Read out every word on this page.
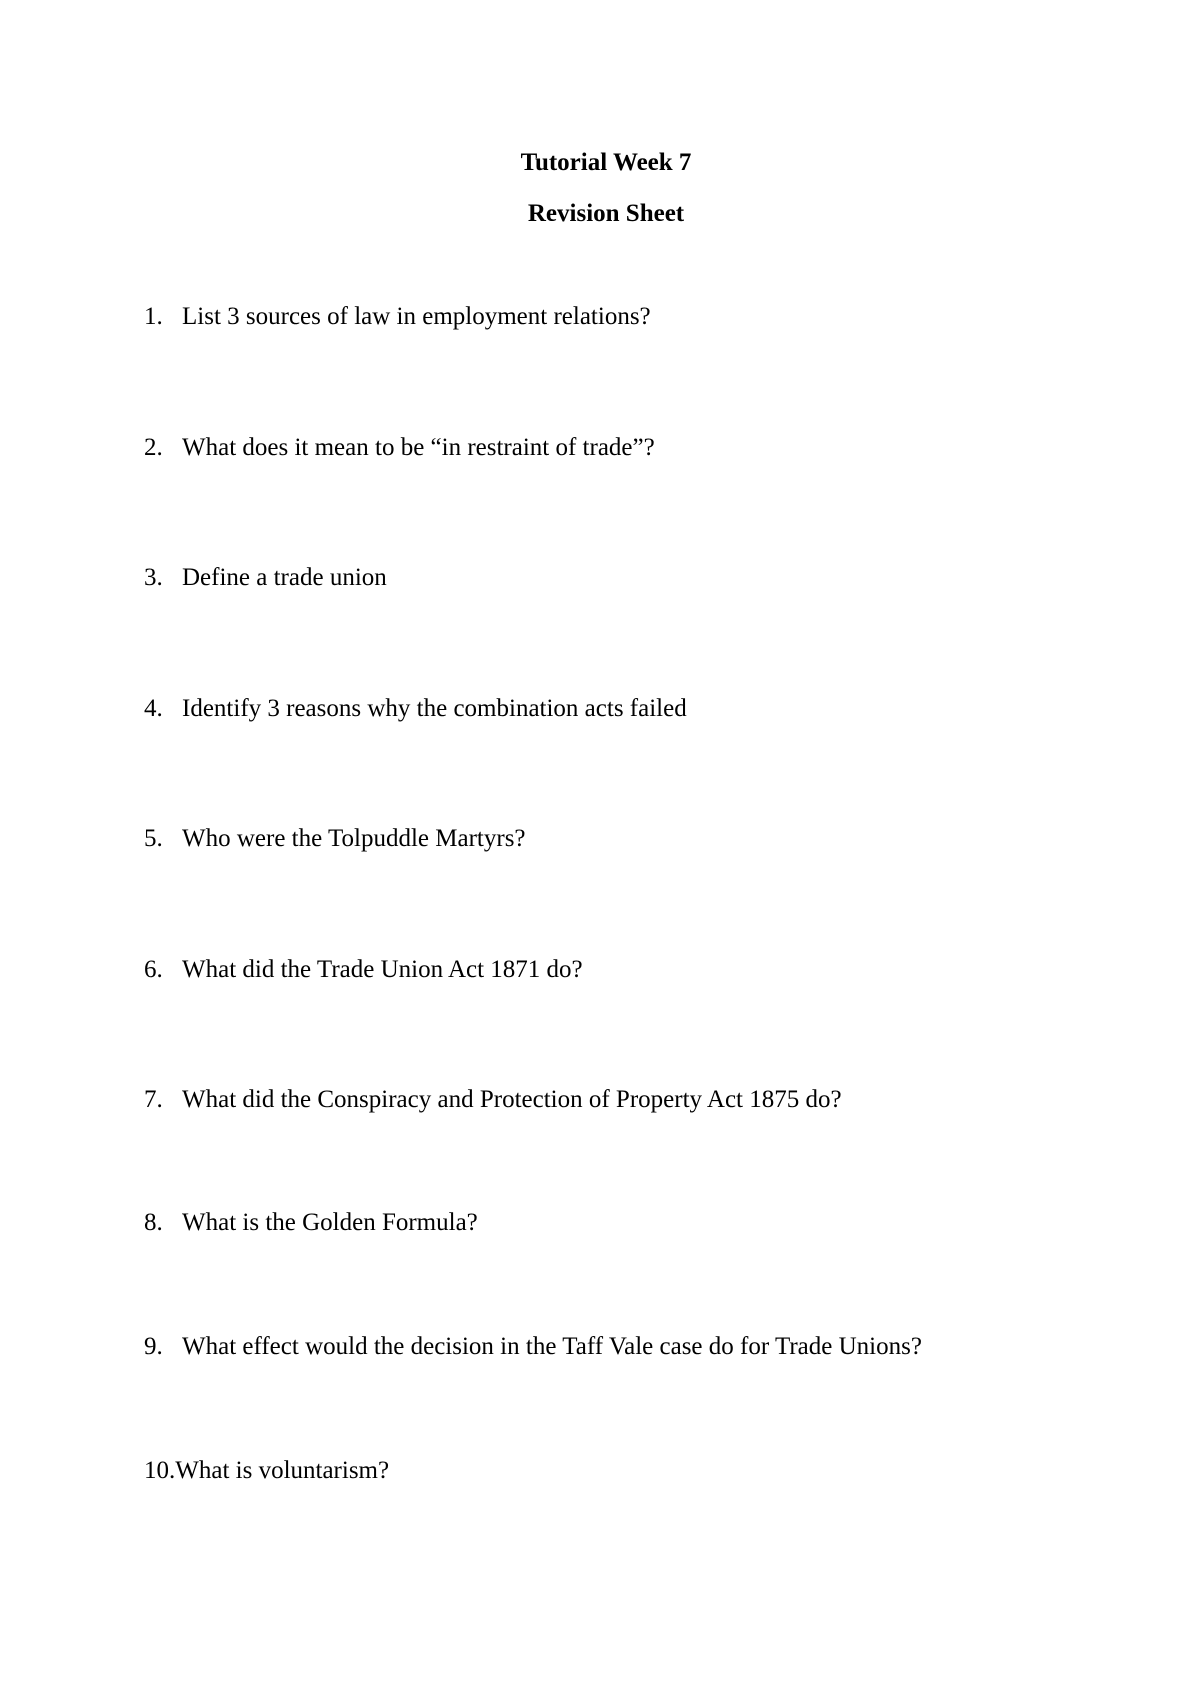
Tutorial Week 7
Revision Sheet
1. List 3 sources of law in employment relations?
2. What does it mean to be “in restraint of trade”?
3. Define a trade union
4. Identify 3 reasons why the combination acts failed
5. Who were the Tolpuddle Martyrs?
6. What did the Trade Union Act 1871 do?
7. What did the Conspiracy and Protection of Property Act 1875 do?
8. What is the Golden Formula?
9. What effect would the decision in the Taff Vale case do for Trade Unions?
10.What is voluntarism?
